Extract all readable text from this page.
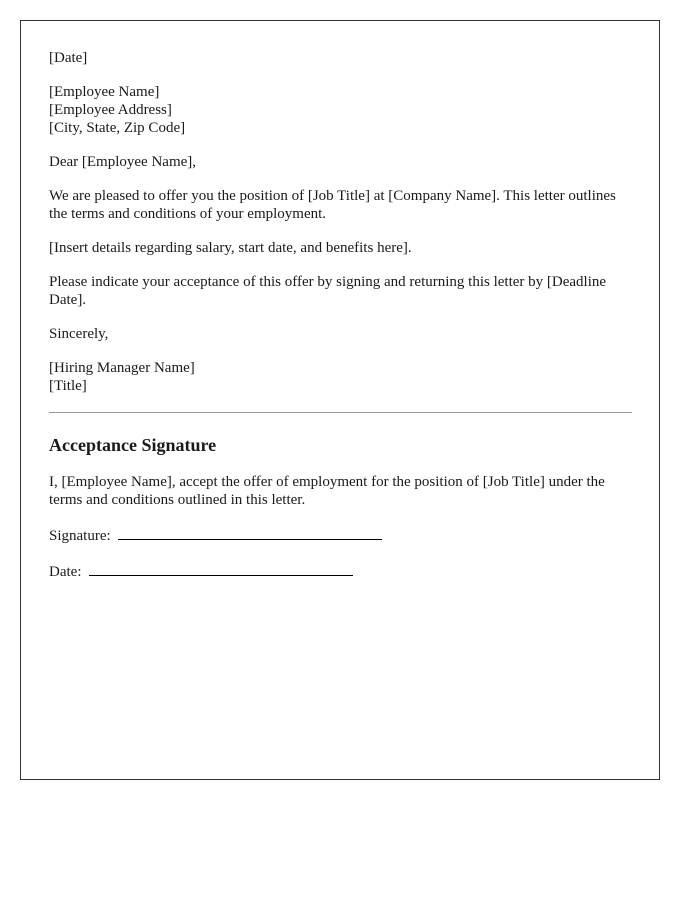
[Date]

[Employee Name]
[Employee Address]
[City, State, Zip Code]

Dear [Employee Name],

We are pleased to offer you the position of [Job Title] at [Company Name]. This letter outlines the terms and conditions of your employment.

[Insert details regarding salary, start date, and benefits here].

Please indicate your acceptance of this offer by signing and returning this letter by [Deadline Date].

Sincerely,

[Hiring Manager Name]
[Title]

Acceptance Signature

I, [Employee Name], accept the offer of employment for the position of [Job Title] under the terms and conditions outlined in this letter.

Signature:
Date:
